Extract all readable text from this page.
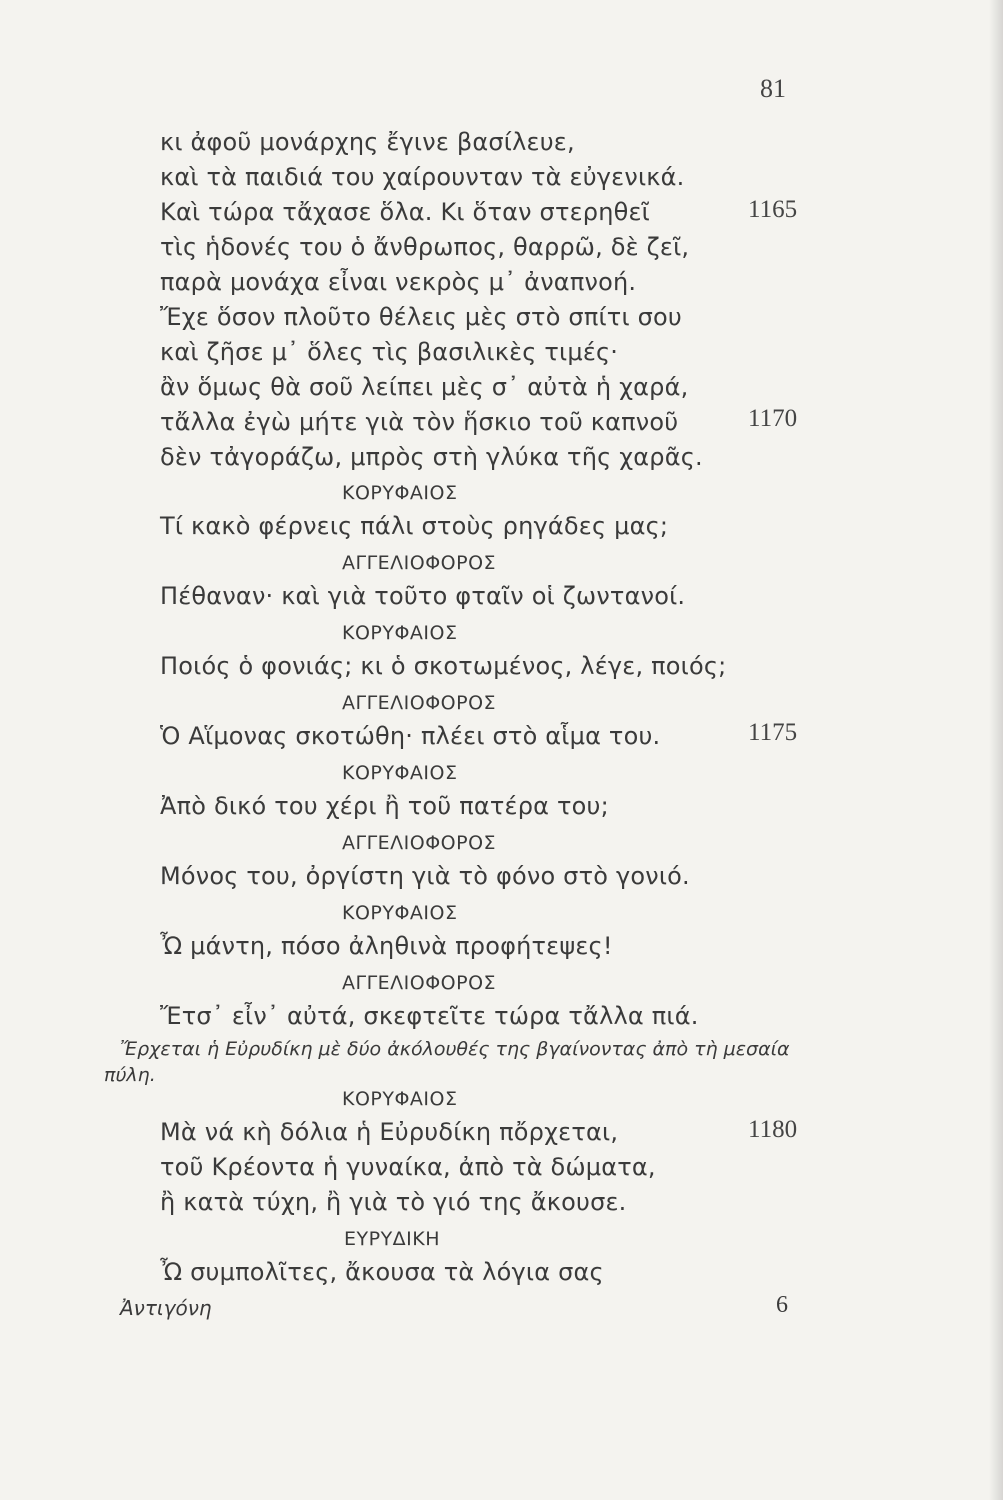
81
κι ἀφοῦ μονάρχης ἔγινε βασίλευε,
καὶ τὰ παιδιά του χαίρουνταν τὰ εὐγενικά.
Καὶ τώρα τἄχασε ὅλα. Κι ὅταν στερηθεῖ	1165
τὶς ἡδονές του ὁ ἄνθρωπος, θαρρῶ, δὲ ζεῖ,
παρὰ μονάχα εἶναι νεκρὸς μ᾿ ἀναπνοή.
Ἔχε ὅσον πλοῦτο θέλεις μὲς στὸ σπίτι σου
καὶ ζῆσε μ᾿ ὅλες τὶς βασιλικὲς τιμές·
ἂν ὅμως θὰ σοῦ λείπει μὲς σ᾿ αὐτὰ ἡ χαρά,
τἄλλα ἐγὼ μήτε γιὰ τὸν ἥσκιο τοῦ καπνοῦ	1170
δὲν τἀγοράζω, μπρὸς στὴ γλύκα τῆς χαρᾶς.
ΚΟΡΥΦΑΙΟΣ
Τί κακὸ φέρνεις πάλι στοὺς ρηγάδες μας;
ΑΓΓΕΛΙΟΦΟΡΟΣ
Πέθαναν· καὶ γιὰ τοῦτο φταῖν οἱ ζωντανοί.
ΚΟΡΥΦΑΙΟΣ
Ποιός ὁ φονιάς; κι ὁ σκοτωμένος, λέγε, ποιός;
ΑΓΓΕΛΙΟΦΟΡΟΣ
Ὁ Αἵμονας σκοτώθη· πλέει στὸ αἷμα του.	1175
ΚΟΡΥΦΑΙΟΣ
Ἀπὸ δικό του χέρι ἢ τοῦ πατέρα του;
ΑΓΓΕΛΙΟΦΟΡΟΣ
Μόνος του, ὀργίστη γιὰ τὸ φόνο στὸ γονιό.
ΚΟΡΥΦΑΙΟΣ
Ὦ μάντη, πόσο ἀληθινὰ προφήτεψες!
ΑΓΓΕΛΙΟΦΟΡΟΣ
Ἔτσ᾿ εἶν᾿ αὐτά, σκεφτεῖτε τώρα τἄλλα πιά.
Ἔρχεται ἡ Εὐρυδίκη μὲ δύο ἀκόλουθές της βγαίνοντας ἀπὸ τὴ μεσαία
πύλη.
ΚΟΡΥΦΑΙΟΣ
Μὰ νά κὴ δόλια ἡ Εὐρυδίκη πὄρχεται,	1180
τοῦ Κρέοντα ἡ γυναίκα, ἀπὸ τὰ δώματα,
ἢ κατὰ τύχη, ἢ γιὰ τὸ γιό της ἄκουσε.
ΕΥΡΥΔΙΚΗ
Ὦ συμπολῖτες, ἄκουσα τὰ λόγια σας
Ἀντιγόνη	6
